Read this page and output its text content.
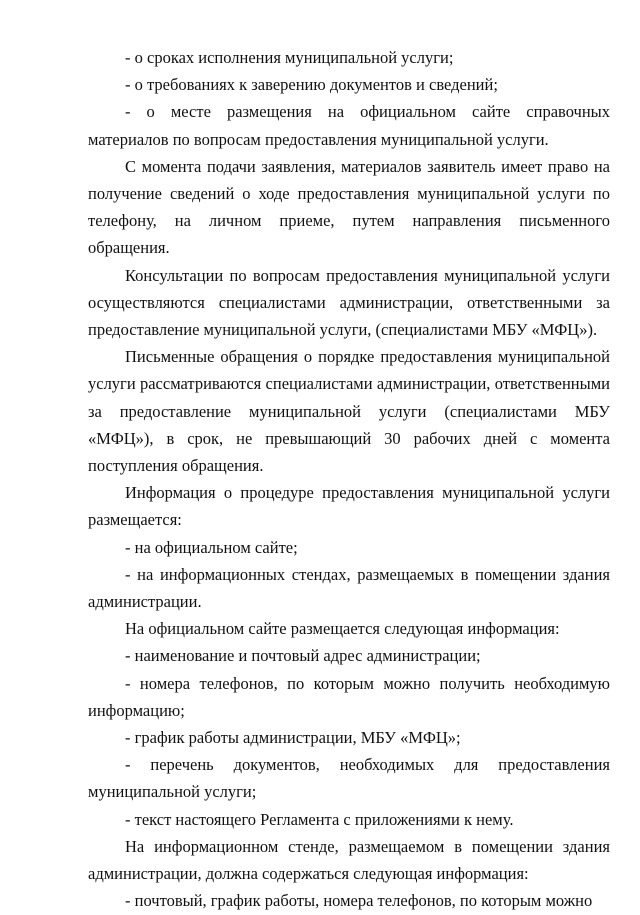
- о сроках исполнения муниципальной услуги;

- о требованиях к заверению документов и сведений;

- о месте размещения на официальном сайте справочных материалов по вопросам предоставления муниципальной услуги.

С момента подачи заявления, материалов заявитель имеет право на получение сведений о ходе предоставления муниципальной услуги по телефону, на личном приеме, путем направления письменного обращения.

Консультации по вопросам предоставления муниципальной услуги осуществляются специалистами администрации, ответственными за предоставление муниципальной услуги, (специалистами МБУ «МФЦ»).

Письменные обращения о порядке предоставления муниципальной услуги рассматриваются специалистами администрации, ответственными за предоставление муниципальной услуги (специалистами МБУ «МФЦ»), в срок, не превышающий 30 рабочих дней с момента поступления обращения.

Информация о процедуре предоставления муниципальной услуги размещается:

- на официальном сайте;

- на информационных стендах, размещаемых в помещении здания администрации.

На официальном сайте размещается следующая информация:

- наименование и почтовый адрес администрации;

- номера телефонов, по которым можно получить необходимую информацию;

- график работы администрации, МБУ «МФЦ»;

- перечень документов, необходимых для предоставления муниципальной услуги;

- текст настоящего Регламента с приложениями к нему.

На информационном стенде, размещаемом в помещении здания администрации, должна содержаться следующая информация:

- почтовый, график работы, номера телефонов, по которым можно
